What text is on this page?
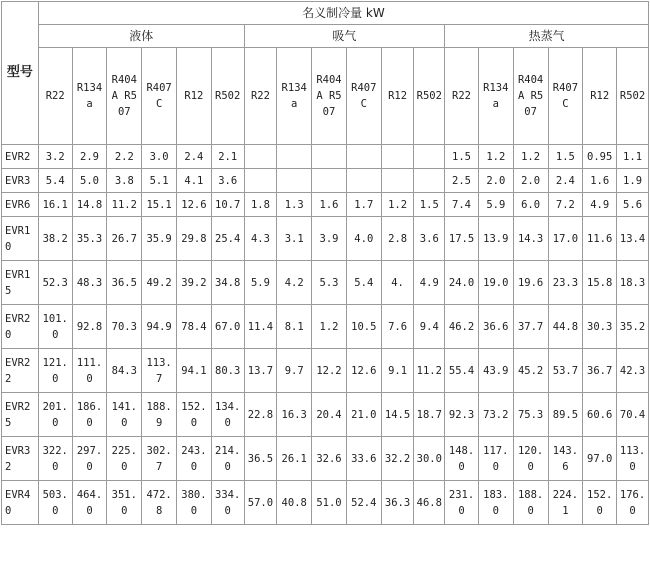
型号	名义制冷量 kW																	
	液体						吸气						热蒸气					
	R22	R134a	R404A R507	R407C	R12	R502	R22	R134a	R404A R507	R407C	R12	R502	R22	R134a	R404A R507	R407C	R12	R502
EVR2	3.2	2.9	2.2	3.0	2.4	2.1							1.5	1.2	1.2	1.5	0.95	1.1
EVR3	5.4	5.0	3.8	5.1	4.1	3.6							2.5	2.0	2.0	2.4	1.6	1.9
EVR6	16.1	14.8	11.2	15.1	12.6	10.7	1.8	1.3	1.6	1.7	1.2	1.5	7.4	5.9	6.0	7.2	4.9	5.6
EVR10	38.2	35.3	26.7	35.9	29.8	25.4	4.3	3.1	3.9	4.0	2.8	3.6	17.5	13.9	14.3	17.0	11.6	13.4
EVR15	52.3	48.3	36.5	49.2	39.2	34.8	5.9	4.2	5.3	5.4	4.	4.9	24.0	19.0	19.6	23.3	15.8	18.3
EVR20	101.0	92.8	70.3	94.9	78.4	67.0	11.4	8.1	1.2	10.5	7.6	9.4	46.2	36.6	37.7	44.8	30.3	35.2
EVR22	121.0	111.0	84.3	113.7	94.1	80.3	13.7	9.7	12.2	12.6	9.1	11.2	55.4	43.9	45.2	53.7	36.7	42.3
EVR25	201.0	186.0	141.0	188.9	152.0	134.0	22.8	16.3	20.4	21.0	14.5	18.7	92.3	73.2	75.3	89.5	60.6	70.4
EVR32	322.0	297.0	225.0	302.7	243.0	214.0	36.5	26.1	32.6	33.6	32.2	30.0	148.0	117.0	120.0	143.6	97.0	113.0
EVR40	503.0	464.0	351.0	472.8	380.0	334.0	57.0	40.8	51.0	52.4	36.3	46.8	231.0	183.0	188.0	224.1	152.0	176.0
